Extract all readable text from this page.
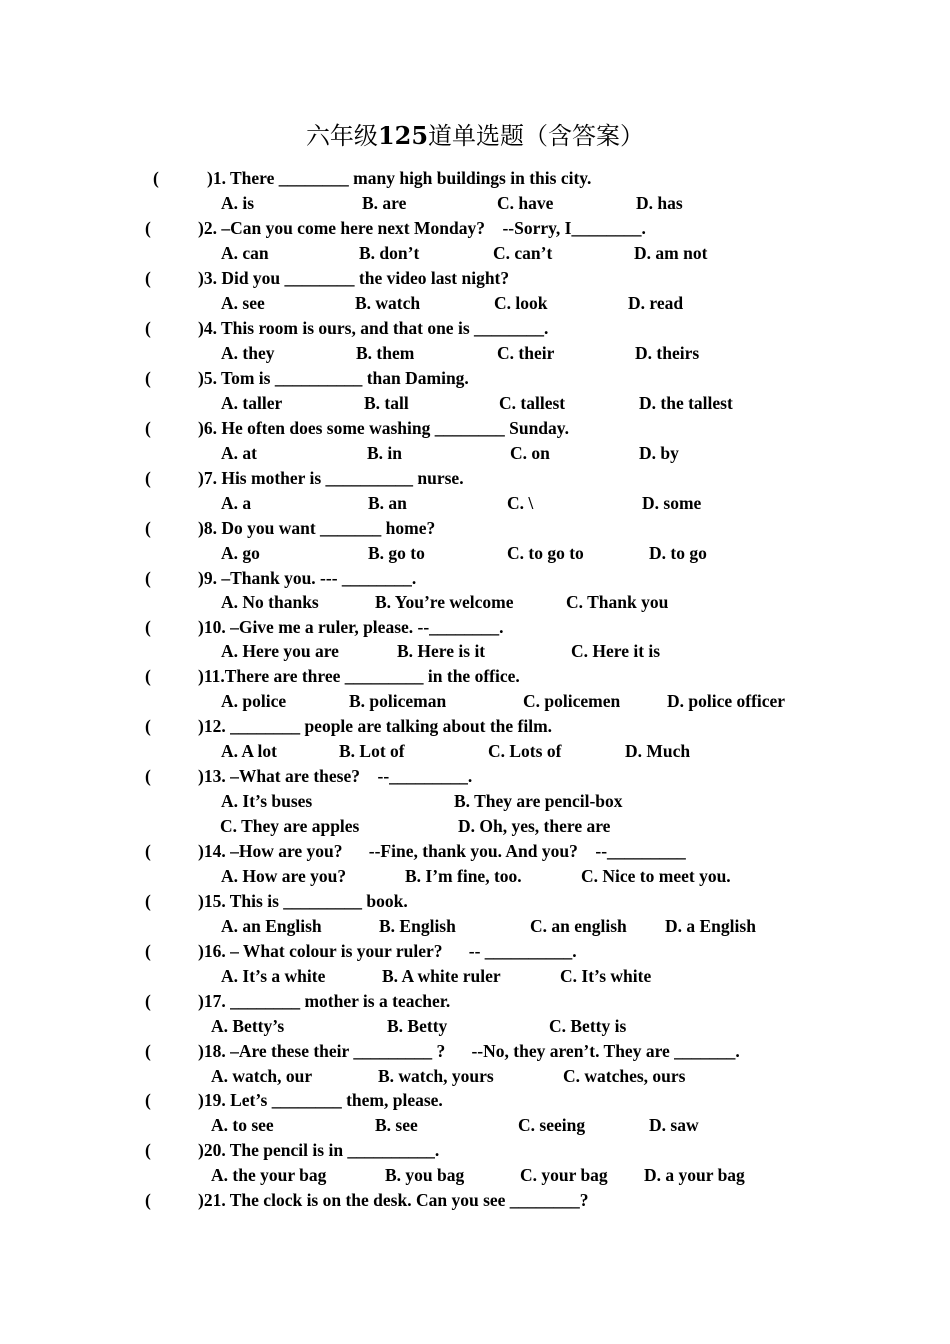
六年级125道单选题（含答案）
(	)1. There ________ many high buildings in this city.
A. is	B. are	C. have	D. has
(	)2. –Can you come here next Monday?    --Sorry, I________.
A. can	B. don’t	C. can’t	D. am not
(	)3. Did you ________ the video last night?
A. see	B. watch	C. look	D. read
(	)4. This room is ours, and that one is ________.
A. they	B. them	C. their	D. theirs
(	)5. Tom is __________ than Daming.
A. taller	B. tall	C. tallest	D. the tallest
(	)6. He often does some washing ________ Sunday.
A. at	B. in	C. on	D. by
(	)7. His mother is __________ nurse.
A. a	B. an	C. \	D. some
(	)8. Do you want _______ home?
A. go	B. go to	C. to go to	D. to go
(	)9. –Thank you. --- ________.
A. No thanks	B. You’re welcome	C. Thank you
(	)10. –Give me a ruler, please. --________.
A. Here you are	B. Here is it	C. Here it is
(	)11.There are three _________ in the office.
A. police	B. policeman	C. policemen	D. police officer
(	)12. ________ people are talking about the film.
A. A lot	B. Lot of	C. Lots of	D. Much
(	)13. –What are these?    --_________.
A. It’s buses	B. They are pencil-box
C. They are apples	D. Oh, yes, there are
(	)14. –How are you?      --Fine, thank you. And you?    --_________
A. How are you?	B. I’m fine, too.	C. Nice to meet you.
(	)15. This is _________ book.
A. an English	B. English	C. an english D. a English
(	)16. – What colour is your ruler?      -- __________.
A. It’s a white	B. A white ruler	C. It’s white
(	)17. ________ mother is a teacher.
A. Betty’s	B. Betty	C. Betty is
(	)18. –Are these their _________ ?      --No, they aren’t. They are _______.
A. watch, our	B. watch, yours	C. watches, ours
(	)19. Let’s ________ them, please.
A. to see	B. see	C. seeing	D. saw
(	)20. The pencil is in __________.
A. the your bag	B. you bag	C. your bag D. a your bag
(	)21. The clock is on the desk. Can you see ________?
